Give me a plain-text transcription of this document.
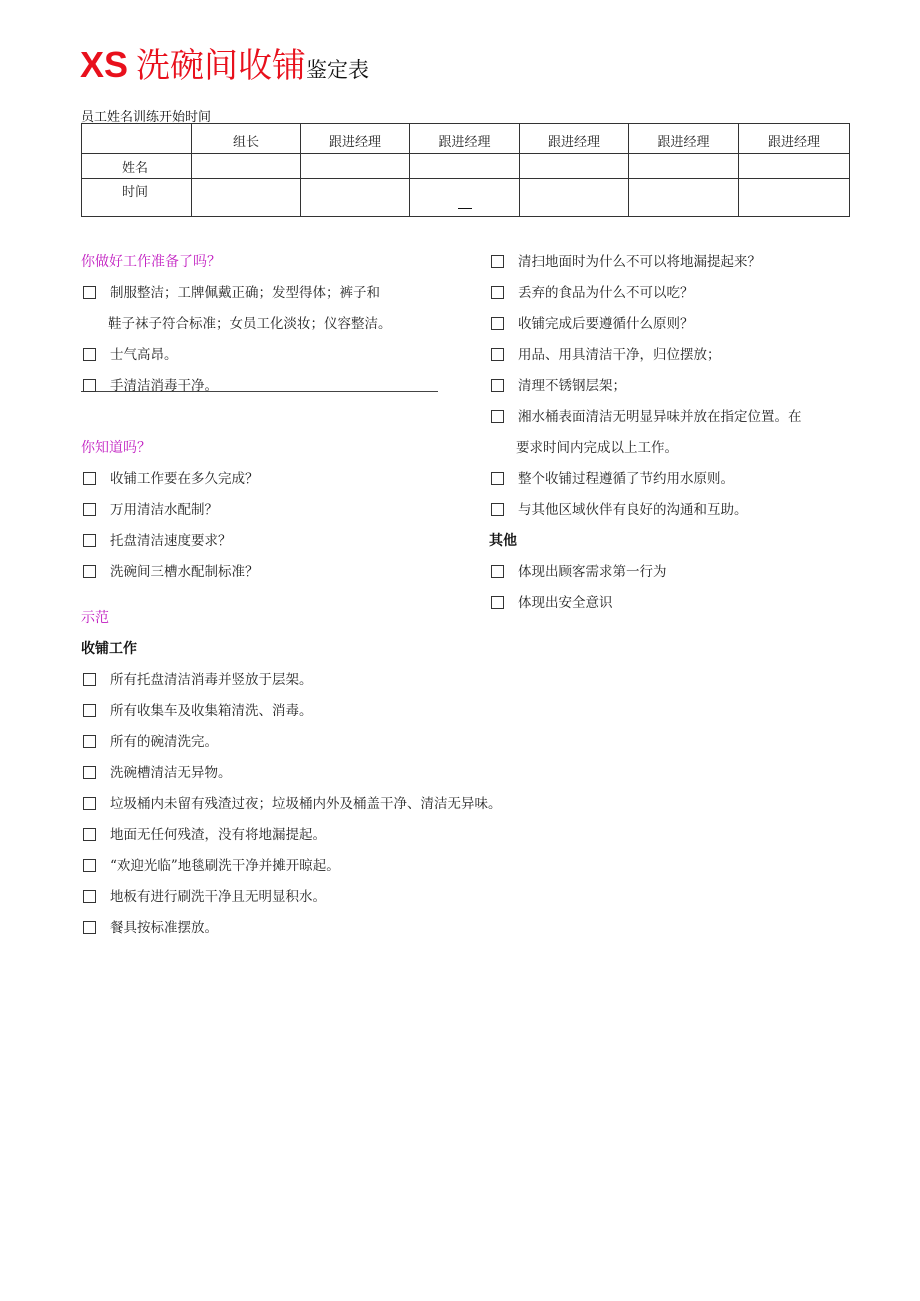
XS 洗碗间收铺鉴定表
员工姓名训练开始时间
	组长	跟进经理	跟进经理	跟进经理	跟进经理	跟进经理
姓名						
时间			

你做好工作准备了吗？
制服整洁；工牌佩戴正确；发型得体；裤子和
鞋子袜子符合标准；女员工化淡妆；仪容整洁。
士气高昂。
手清洁消毒干净。
你知道吗？
收铺工作要在多久完成？
万用清洁水配制？
托盘清洁速度要求？
洗碗间三槽水配制标准？
示范
收铺工作
所有托盘清洁消毒并竖放于层架。
所有收集车及收集箱清洗、消毒。
所有的碗清洗完。
洗碗槽清洁无异物。
垃圾桶内未留有残渣过夜；垃圾桶内外及桶盖干净、清洁无异味。
地面无任何残渣，没有将地漏提起。
“欢迎光临”地毯刷洗干净并摊开晾起。
地板有进行刷洗干净且无明显积水。
餐具按标准摆放。
清扫地面时为什么不可以将地漏提起来？
丢弃的食品为什么不可以吃？
收铺完成后要遵循什么原则？
用品、用具清洁干净，归位摆放；
清理不锈钢层架；
湘水桶表面清洁无明显异味并放在指定位置。在
要求时间内完成以上工作。
整个收铺过程遵循了节约用水原则。
与其他区域伙伴有良好的沟通和互助。
其他
体现出顾客需求第一行为
体现出安全意识
